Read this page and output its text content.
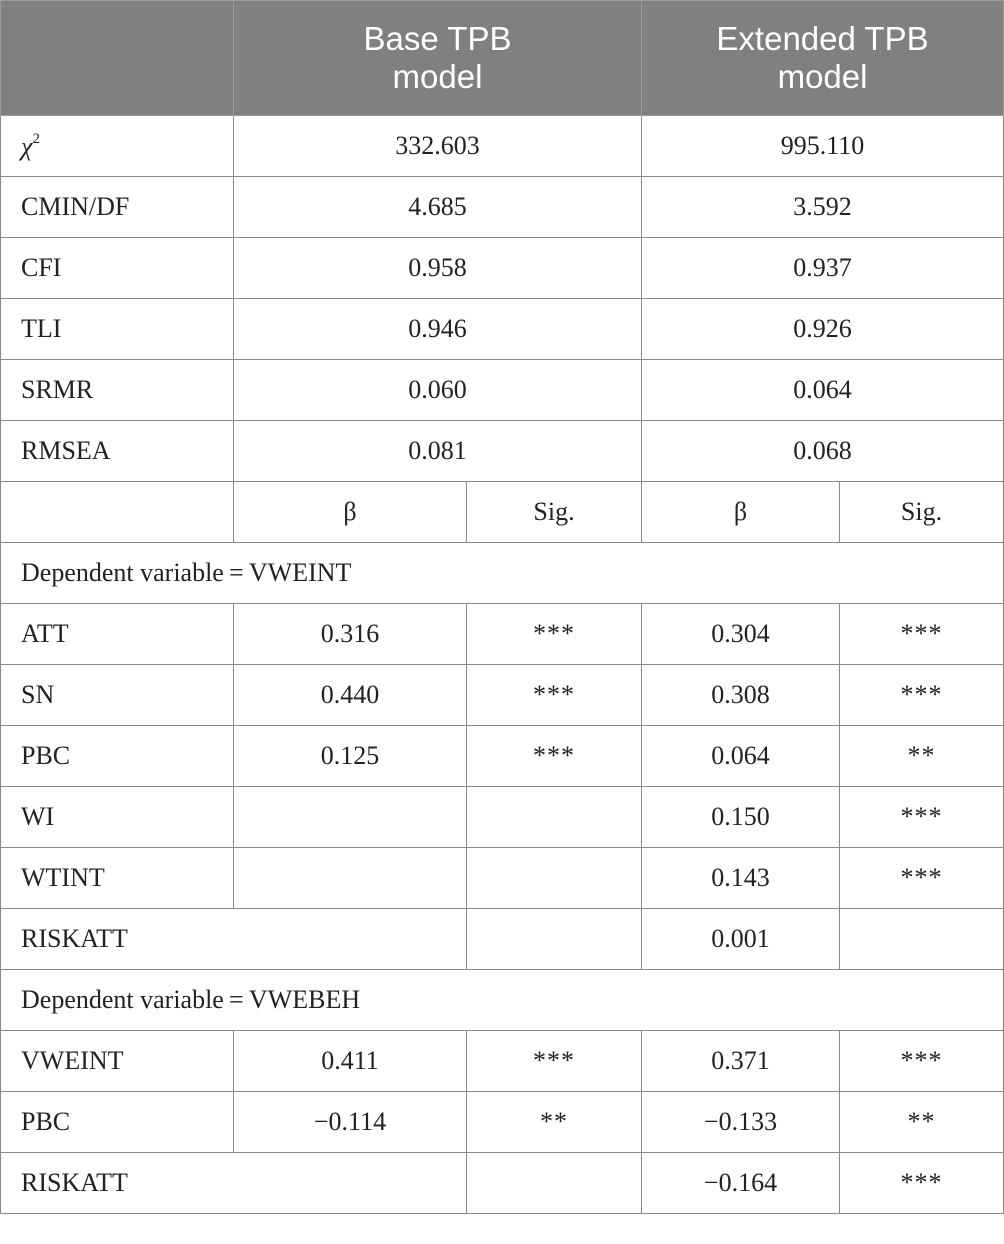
	Base TPB
model		Extended TPB
model	
$\chi^2$	332.603		995.110	
CMIN/DF	4.685		3.592	
CFI	0.958		0.937	
TLI	0.946		0.926	
SRMR	0.060		0.064	
RMSEA	0.081		0.068	
	β	Sig.	β	Sig.
Dependent variable = VWEINT				
ATT	0.316	***	0.304	***
SN	0.440	***	0.308	***
PBC	0.125	***	0.064	**
WI			0.150	***
WTINT			0.143	***
RISKATT			0.001	
Dependent variable = VWEBEH				
VWEINT	0.411	***	0.371	***
PBC	−0.114	**	−0.133	**
RISKATT			−0.164	***
